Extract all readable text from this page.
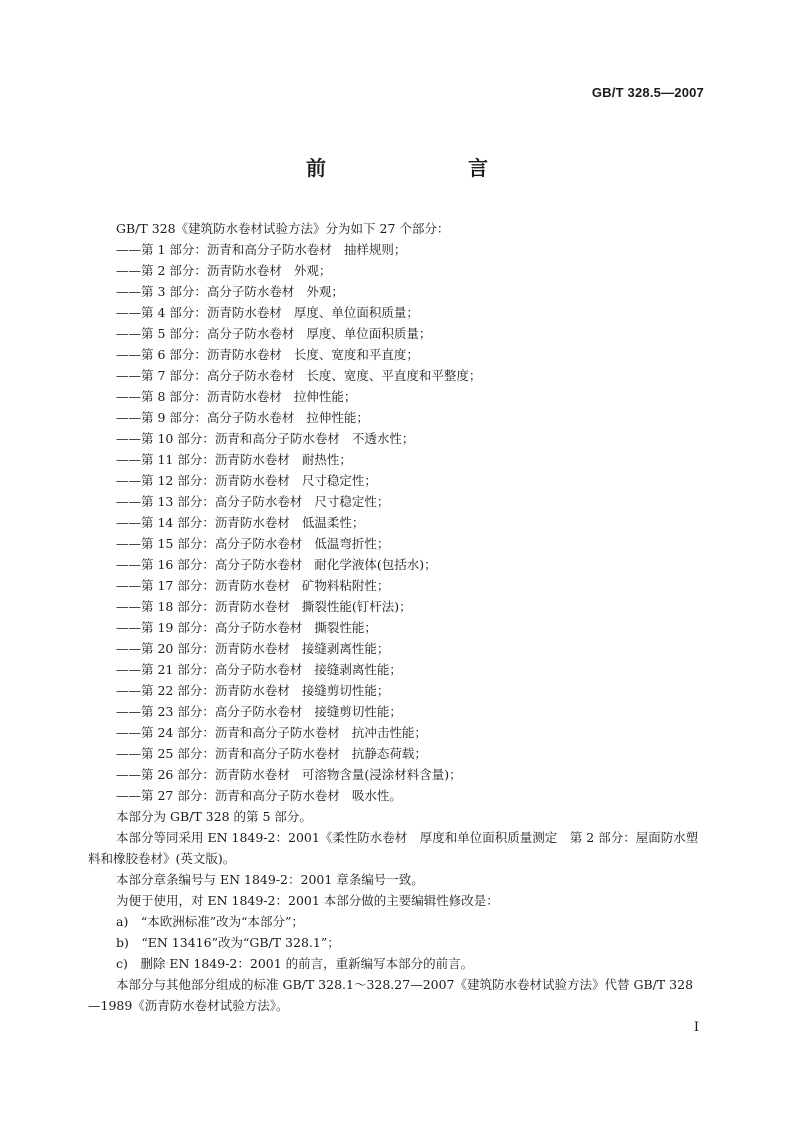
GB/T 328.5—2007
前　　言
GB/T 328《建筑防水卷材试验方法》分为如下 27 个部分：
——第 1 部分：沥青和高分子防水卷材 抽样规则；
——第 2 部分：沥青防水卷材 外观；
——第 3 部分：高分子防水卷材 外观；
——第 4 部分：沥青防水卷材 厚度、单位面积质量；
——第 5 部分：高分子防水卷材 厚度、单位面积质量；
——第 6 部分：沥青防水卷材 长度、宽度和平直度；
——第 7 部分：高分子防水卷材 长度、宽度、平直度和平整度；
——第 8 部分：沥青防水卷材 拉伸性能；
——第 9 部分：高分子防水卷材 拉伸性能；
——第 10 部分：沥青和高分子防水卷材 不透水性；
——第 11 部分：沥青防水卷材 耐热性；
——第 12 部分：沥青防水卷材 尺寸稳定性；
——第 13 部分：高分子防水卷材 尺寸稳定性；
——第 14 部分：沥青防水卷材 低温柔性；
——第 15 部分：高分子防水卷材 低温弯折性；
——第 16 部分：高分子防水卷材 耐化学液体(包括水)；
——第 17 部分：沥青防水卷材 矿物料粘附性；
——第 18 部分：沥青防水卷材 撕裂性能(钉杆法)；
——第 19 部分：高分子防水卷材 撕裂性能；
——第 20 部分：沥青防水卷材 接缝剥离性能；
——第 21 部分：高分子防水卷材 接缝剥离性能；
——第 22 部分：沥青防水卷材 接缝剪切性能；
——第 23 部分：高分子防水卷材 接缝剪切性能；
——第 24 部分：沥青和高分子防水卷材 抗冲击性能；
——第 25 部分：沥青和高分子防水卷材 抗静态荷载；
——第 26 部分：沥青防水卷材 可溶物含量(浸涂材料含量)；
——第 27 部分：沥青和高分子防水卷材 吸水性。
本部分为 GB/T 328 的第 5 部分。
本部分等同采用 EN 1849-2：2001《柔性防水卷材　厚度和单位面积质量测定　第 2 部分：屋面防水塑料和橡胶卷材》(英文版)。
本部分章条编号与 EN 1849-2：2001 章条编号一致。
为便于使用，对 EN 1849-2：2001 本部分做的主要编辑性修改是：
a)　“本欧洲标准”改为“本部分”；
b)　“EN 13416”改为“GB/T 328.1”；
c)　删除 EN 1849-2：2001 的前言，重新编写本部分的前言。
本部分与其他部分组成的标准 GB/T 328.1～328.27—2007《建筑防水卷材试验方法》代替 GB/T 328—1989《沥青防水卷材试验方法》。
I
